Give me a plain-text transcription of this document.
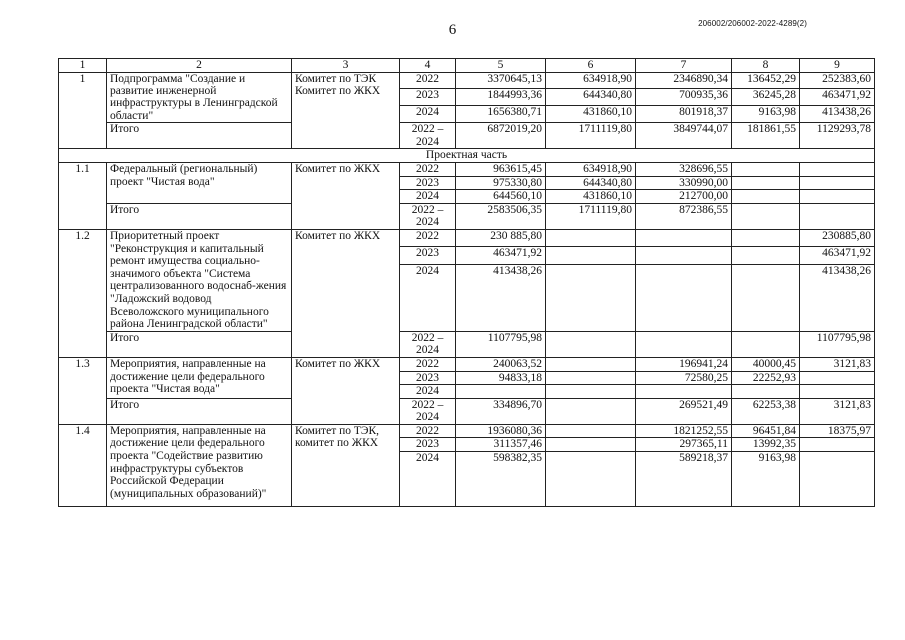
6	206002/206002-2022-4289(2)
1	2	3	4	5	6	7	8	9
1	Подпрограмма "Создание и развитие инженерной инфраструктуры в Ленинградской области"	Комитет по ТЭК Комитет по ЖКХ	2022	3370645,13	634918,90	2346890,34	136452,29	252383,60
			2023	1844993,36	644340,80	700935,36	36245,28	463471,92
			2024	1656380,71	431860,10	801918,37	9163,98	413438,26
	Итого		2022 – 2024	6872019,20	1711119,80	3849744,07	181861,55	1129293,78
Проектная часть								
1.1	Федеральный (региональный) проект "Чистая вода"	Комитет по ЖКХ	2022	963615,45	634918,90	328696,55		
			2023	975330,80	644340,80	330990,00		
			2024	644560,10	431860,10	212700,00		
	Итого		2022 – 2024	2583506,35	1711119,80	872386,55		
1.2	Приоритетный проект "Реконструкция и капитальный ремонт имущества социально-значимого объекта "Система централизованного водоснаб-жения "Ладожский водовод Всеволожского муниципального района Ленинградской области"	Комитет по ЖКХ	2022	230 885,80				230885,80
			2023	463471,92				463471,92
			2024	413438,26				413438,26
	Итого		2022 – 2024	1107795,98				1107795,98
1.3	Мероприятия, направленные на достижение цели федерального проекта "Чистая вода"	Комитет по ЖКХ	2022	240063,52		196941,24	40000,45	3121,83
			2023	94833,18		72580,25	22252,93	
			2024					
	Итого		2022 – 2024	334896,70		269521,49	62253,38	3121,83
1.4	Мероприятия, направленные на достижение цели федерального проекта "Содействие развитию инфраструктуры субъектов Российской Федерации (муниципальных образований)"	Комитет по ТЭК, комитет по ЖКХ	2022	1936080,36		1821252,55	96451,84	18375,97
			2023	311357,46		297365,11	13992,35	
			2024	598382,35		589218,37	9163,98	
